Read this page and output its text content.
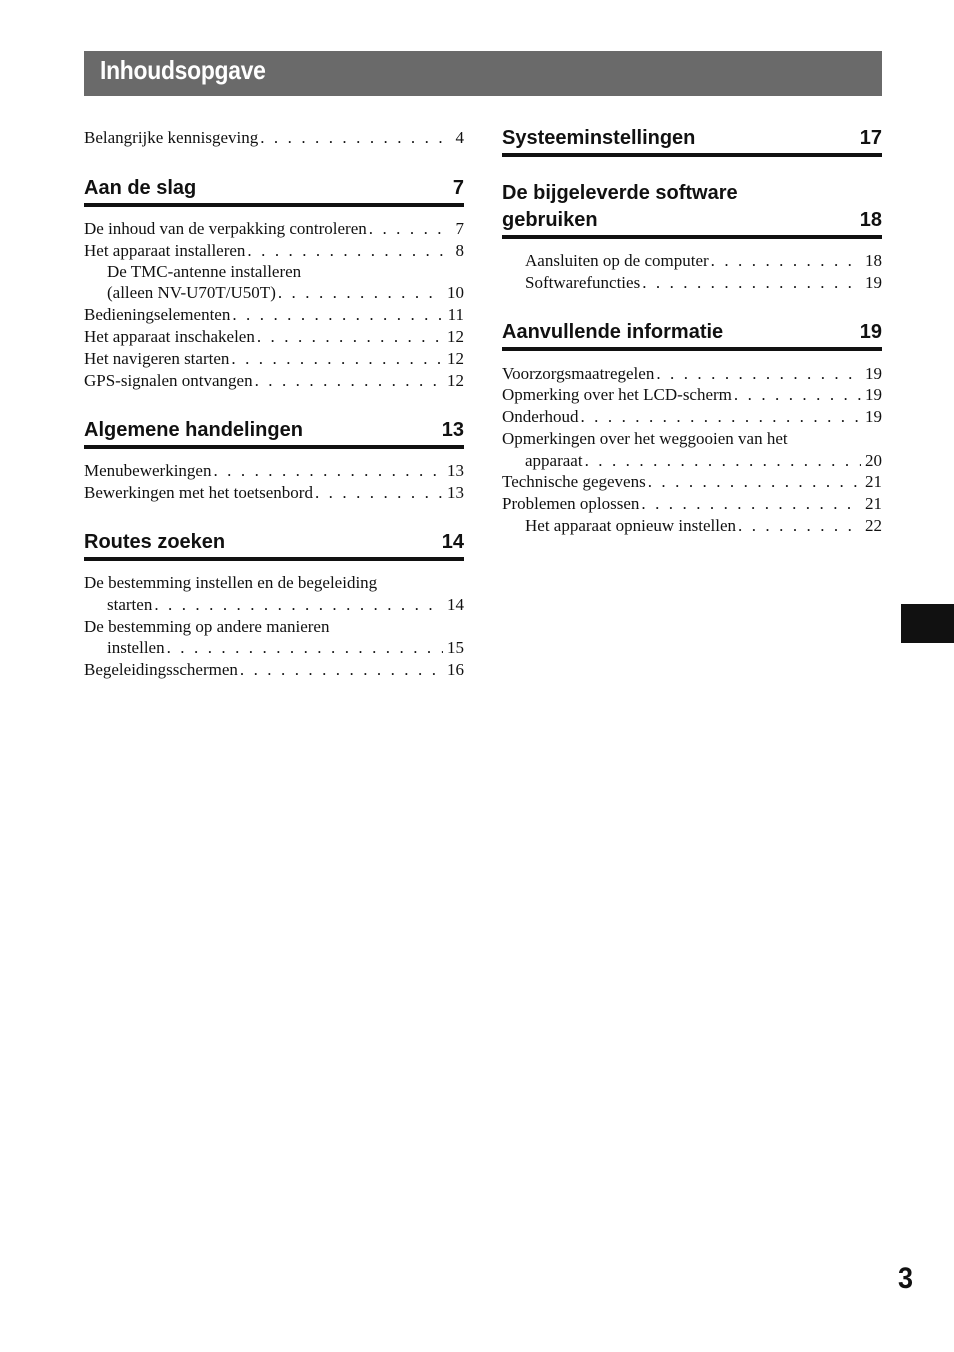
Inhoudsopgave
Belangrijke kennisgeving . . .	4
Aan de slag	7
De inhoud van de verpakking controleren . . .	7
Het apparaat installeren . . .	8
De TMC-antenne installeren
(alleen NV-U70T/U50T) . . .	10
Bedieningselementen . . .	11
Het apparaat inschakelen . . .	12
Het navigeren starten . . .	12
GPS-signalen ontvangen . . .	12
Algemene handelingen	13
Menubewerkingen . . .	13
Bewerkingen met het toetsenbord . . .	13
Routes zoeken	14
De bestemming instellen en de begeleiding
starten . . .	14
De bestemming op andere manieren
instellen . . .	15
Begeleidingsschermen . . .	16
Systeeminstellingen	17
De bijgeleverde software
gebruiken	18
Aansluiten op de computer . . .	18
Softwarefuncties . . .	19
Aanvullende informatie	19
Voorzorgsmaatregelen . . .	19
Opmerking over het LCD-scherm . . .	19
Onderhoud . . .	19
Opmerkingen over het weggooien van het
apparaat . . .	20
Technische gegevens . . .	21
Problemen oplossen . . .	21
Het apparaat opnieuw instellen . . .	22
3
